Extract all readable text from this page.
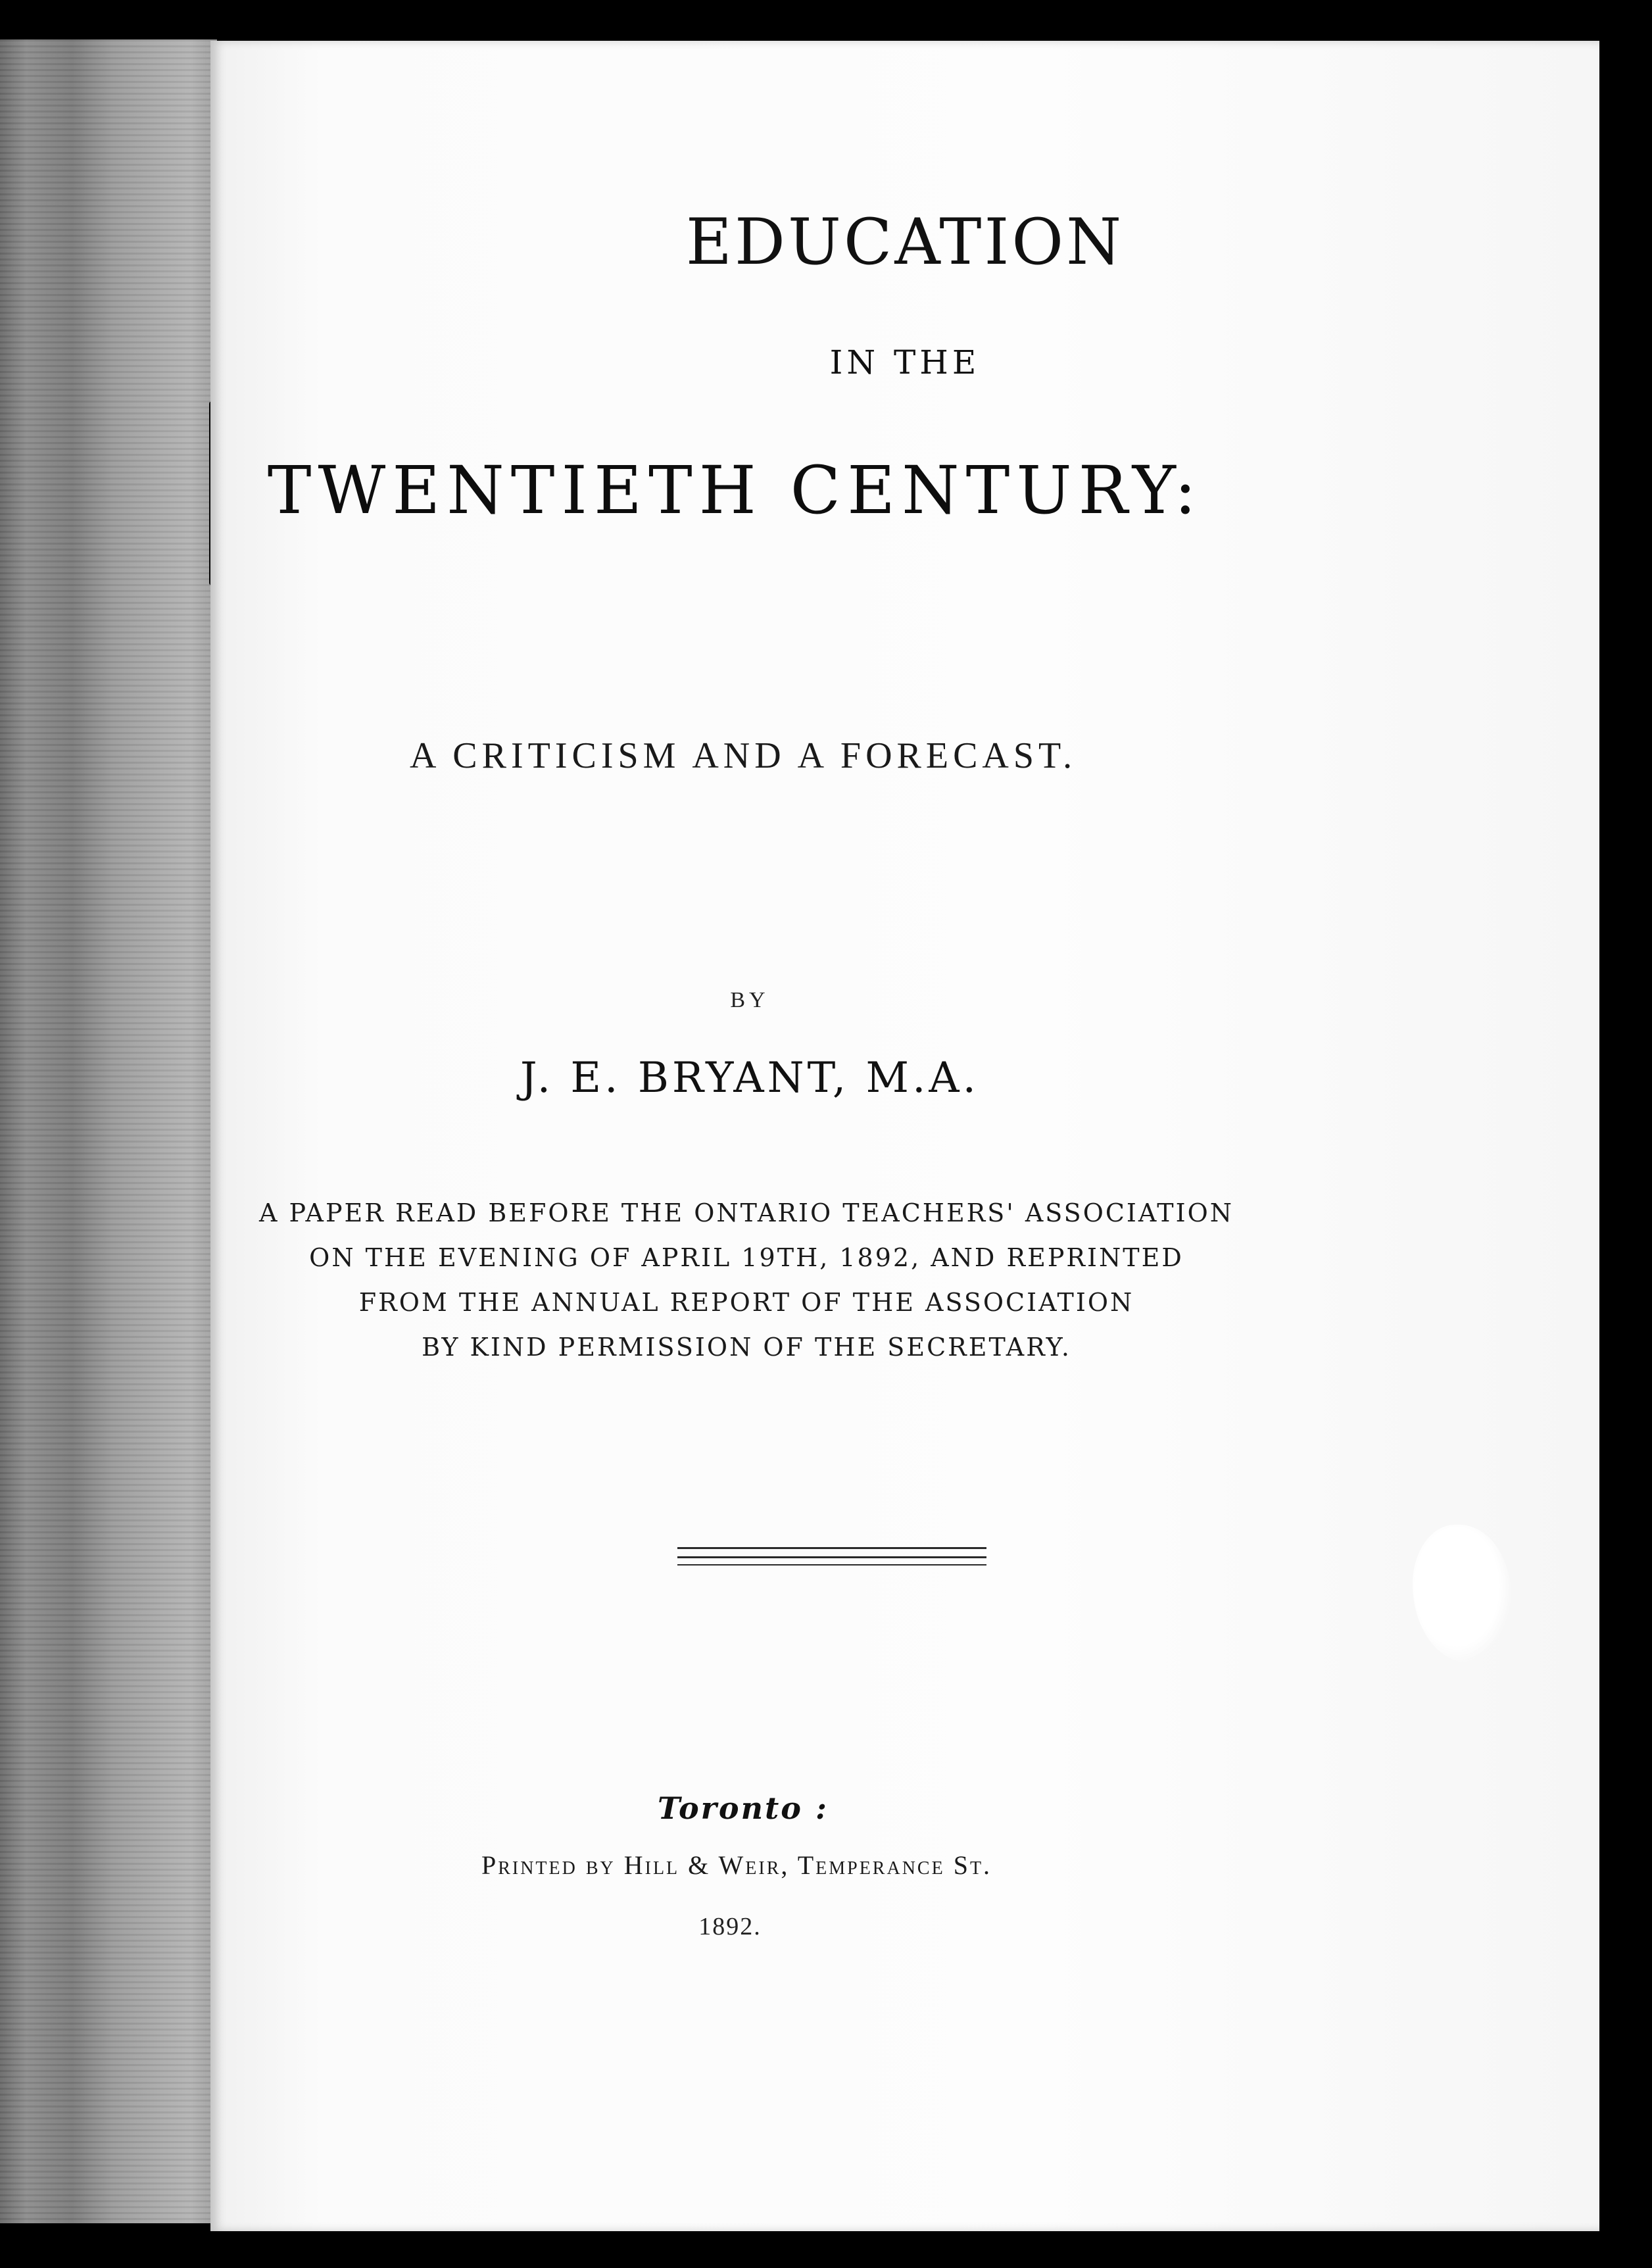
EDUCATION
IN THE
TWENTIETH CENTURY:
A CRITICISM AND A FORECAST.
BY
J. E. BRYANT, M.A.
A PAPER READ BEFORE THE ONTARIO TEACHERS' ASSOCIATION
ON THE EVENING OF APRIL 19TH, 1892, AND REPRINTED
FROM THE ANNUAL REPORT OF THE ASSOCIATION
BY KIND PERMISSION OF THE SECRETARY.
Toronto :
Printed by Hill & Weir, Temperance St.
1892.
